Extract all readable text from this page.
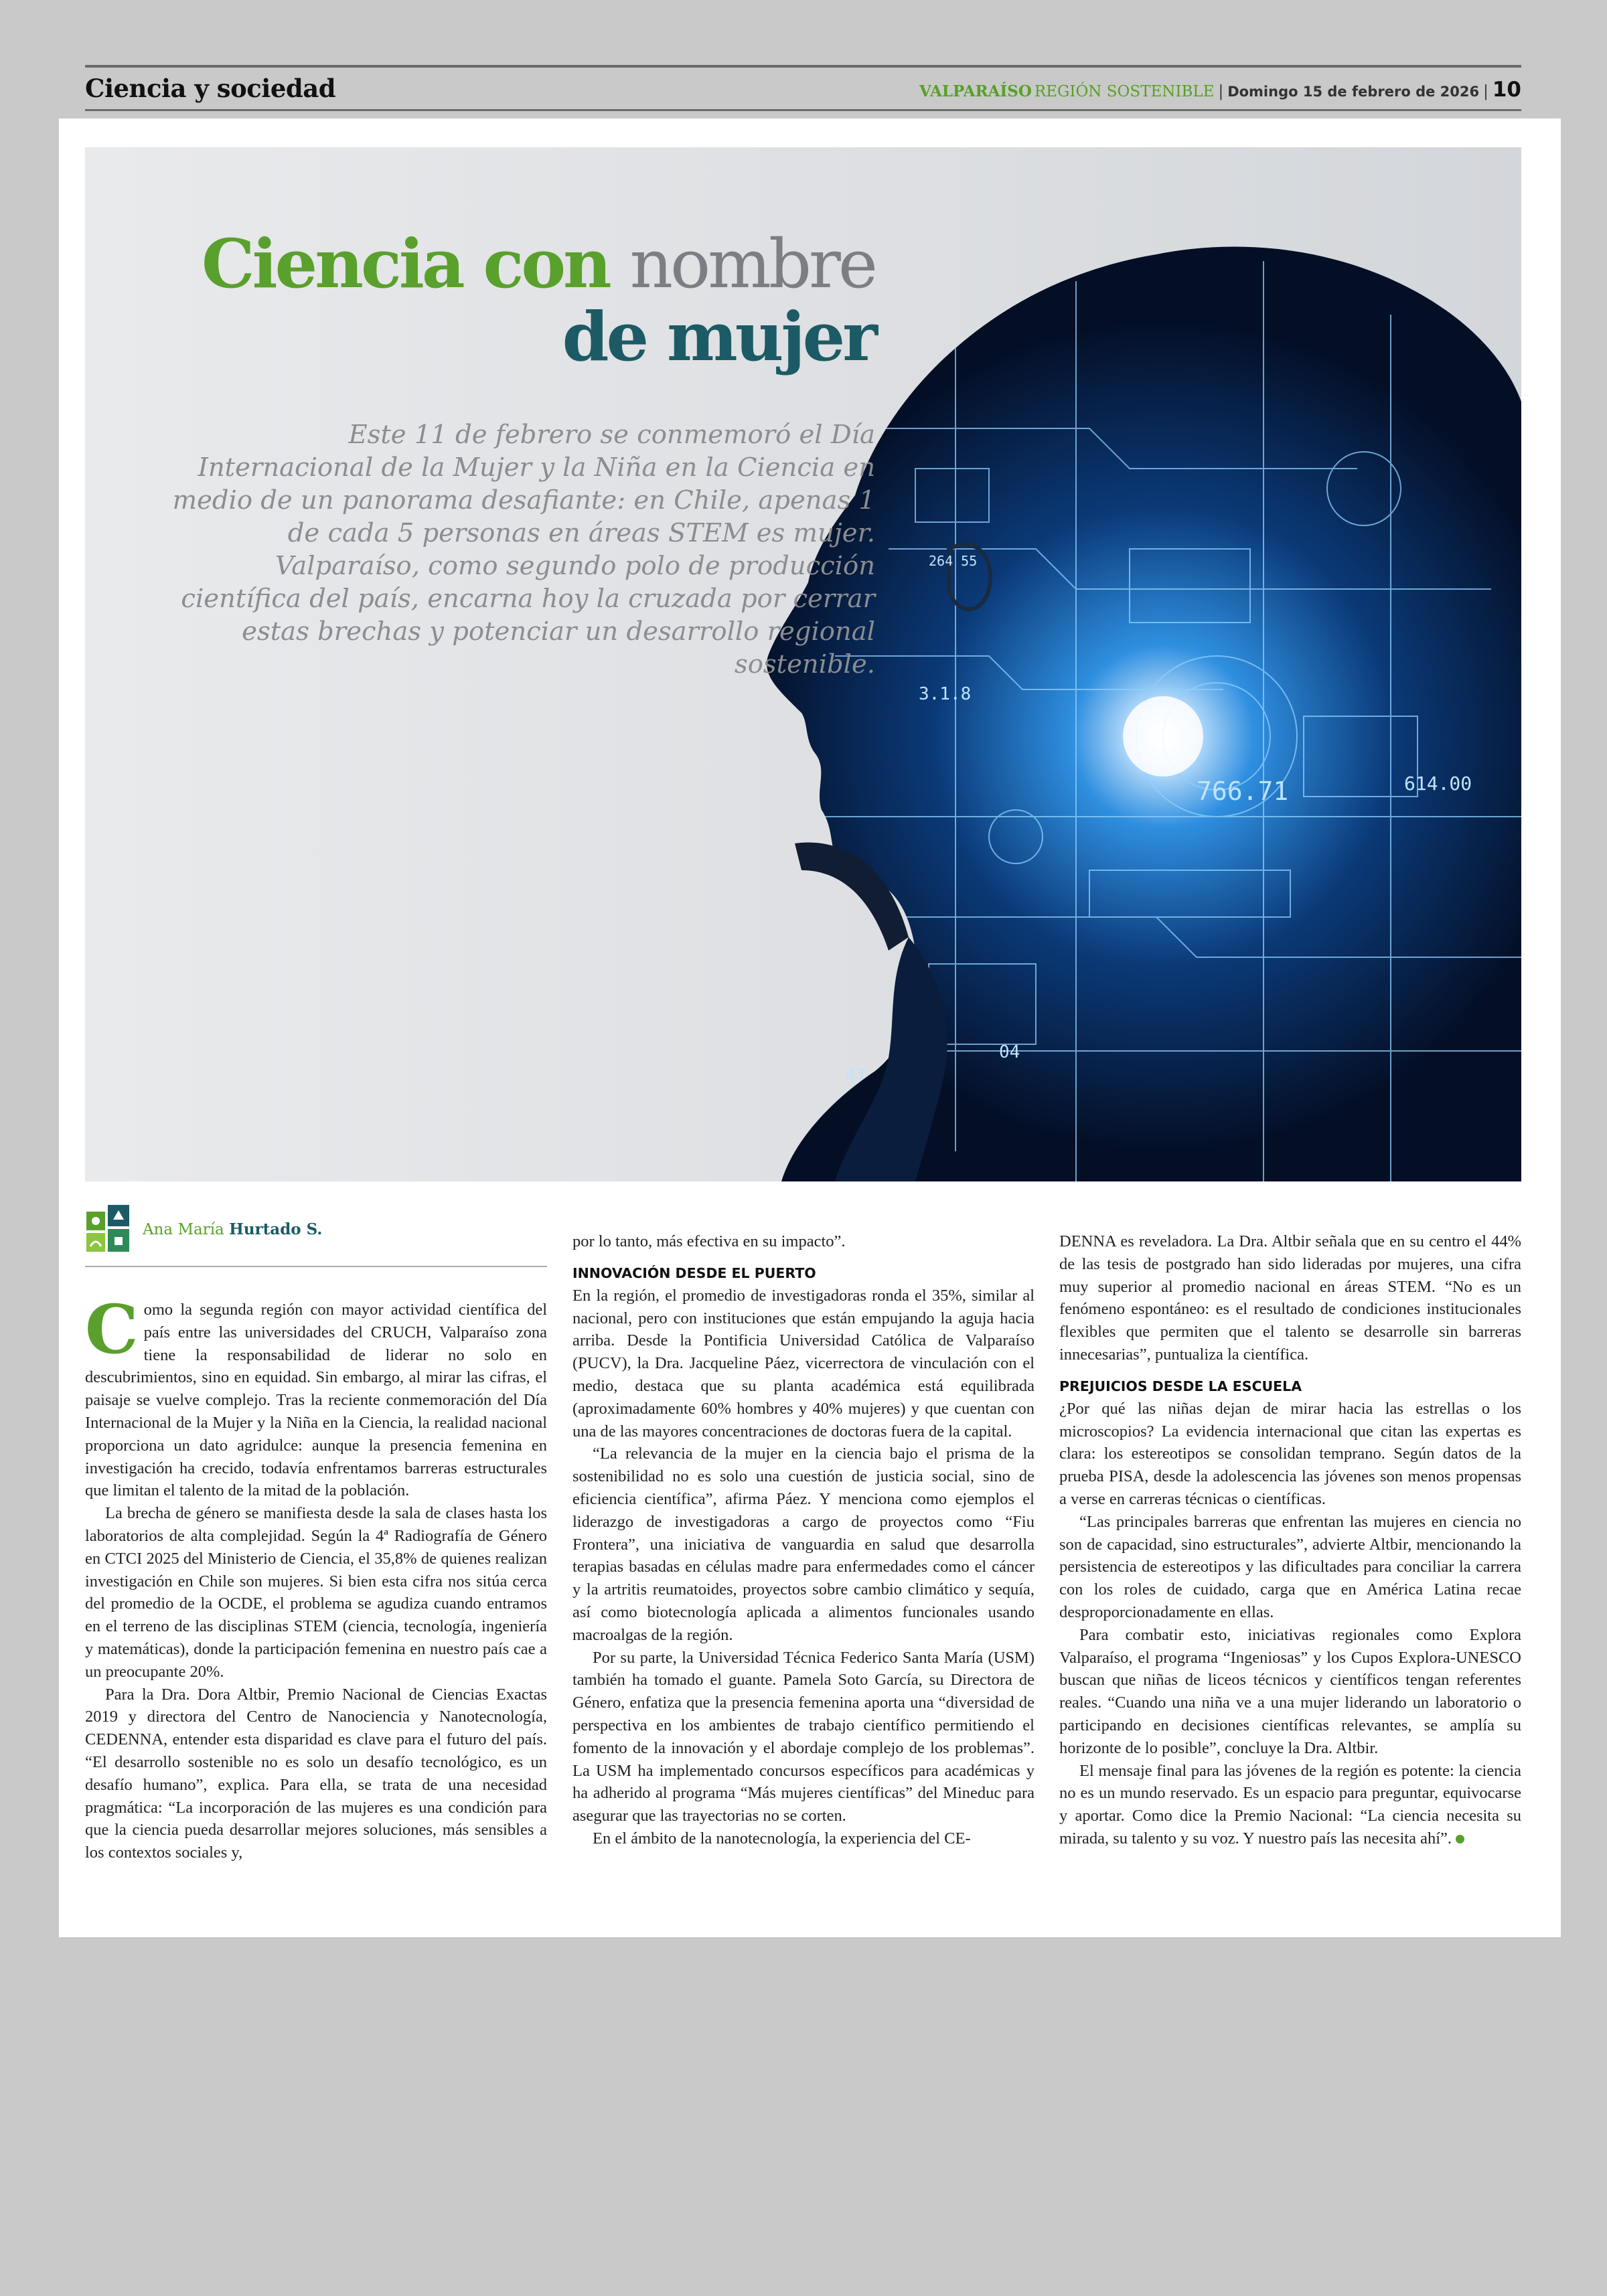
Ciencia y sociedad	VALPARAÍSO REGIÓN SOSTENIBLE | Domingo 15 de febrero de 2026 | 10
766.71	614.00
264 55
3.1.8
47
04
Ciencia con nombre
de mujer
Este 11 de febrero se conmemoró el Día Internacional de la Mujer y la Niña en la Ciencia en medio de un panorama desafiante: en Chile, apenas 1 de cada 5 personas en áreas STEM es mujer. Valparaíso, como segundo polo de producción científica del país, encarna hoy la cruzada por cerrar estas brechas y potenciar un desarrollo regional sostenible.
Ana María Hurtado S.

Como la segunda región con mayor actividad científica del país entre las universidades del CRUCH, Valparaíso zona tiene la responsabilidad de liderar no solo en descubrimientos, sino en equidad. Sin embargo, al mirar las cifras, el paisaje se vuelve complejo. Tras la reciente conmemoración del Día Internacional de la Mujer y la Niña en la Ciencia, la realidad nacional proporciona un dato agridulce: aunque la presencia femenina en investigación ha crecido, todavía enfrentamos barreras estructurales que limitan el talento de la mitad de la población.

La brecha de género se manifiesta desde la sala de clases hasta los laboratorios de alta complejidad. Según la 4ª Radiografía de Género en CTCI 2025 del Ministerio de Ciencia, el 35,8% de quienes realizan investigación en Chile son mujeres. Si bien esta cifra nos sitúa cerca del promedio de la OCDE, el problema se agudiza cuando entramos en el terreno de las disciplinas STEM (ciencia, tecnología, ingeniería y matemáticas), donde la participación femenina en nuestro país cae a un preocupante 20%.

Para la Dra. Dora Altbir, Premio Nacional de Ciencias Exactas 2019 y directora del Centro de Nanociencia y Nanotecnología, CEDENNA, entender esta disparidad es clave para el futuro del país. “El desarrollo sostenible no es solo un desafío tecnológico, es un desafío humano”, explica. Para ella, se trata de una necesidad pragmática: “La incorporación de las mujeres es una condición para que la ciencia pueda desarrollar mejores soluciones, más sensibles a los contextos sociales y,

por lo tanto, más efectiva en su impacto”.

INNOVACIÓN DESDE EL PUERTO

En la región, el promedio de investigadoras ronda el 35%, similar al nacional, pero con instituciones que están empujando la aguja hacia arriba. Desde la Pontificia Universidad Católica de Valparaíso (PUCV), la Dra. Jacqueline Páez, vicerrectora de vinculación con el medio, destaca que su planta académica está equilibrada (aproximadamente 60% hombres y 40% mujeres) y que cuentan con una de las mayores concentraciones de doctoras fuera de la capital.

“La relevancia de la mujer en la ciencia bajo el prisma de la sostenibilidad no es solo una cuestión de justicia social, sino de eficiencia científica”, afirma Páez. Y menciona como ejemplos el liderazgo de investigadoras a cargo de proyectos como “Fiu Frontera”, una iniciativa de vanguardia en salud que desarrolla terapias basadas en células madre para enfermedades como el cáncer y la artritis reumatoides, proyectos sobre cambio climático y sequía, así como biotecnología aplicada a alimentos funcionales usando macroalgas de la región.

Por su parte, la Universidad Técnica Federico Santa María (USM) también ha tomado el guante. Pamela Soto García, su Directora de Género, enfatiza que la presencia femenina aporta una “diversidad de perspectiva en los ambientes de trabajo científico permitiendo el fomento de la innovación y el abordaje complejo de los problemas”. La USM ha implementado concursos específicos para académicas y ha adherido al programa “Más mujeres científicas” del Mineduc para asegurar que las trayectorias no se corten.

En el ámbito de la nanotecnología, la experiencia del CE-

DENNA es reveladora. La Dra. Altbir señala que en su centro el 44% de las tesis de postgrado han sido lideradas por mujeres, una cifra muy superior al promedio nacional en áreas STEM. “No es un fenómeno espontáneo: es el resultado de condiciones institucionales flexibles que permiten que el talento se desarrolle sin barreras innecesarias”, puntualiza la científica.

PREJUICIOS DESDE LA ESCUELA

¿Por qué las niñas dejan de mirar hacia las estrellas o los microscopios? La evidencia internacional que citan las expertas es clara: los estereotipos se consolidan temprano. Según datos de la prueba PISA, desde la adolescencia las jóvenes son menos propensas a verse en carreras técnicas o científicas.

“Las principales barreras que enfrentan las mujeres en ciencia no son de capacidad, sino estructurales”, advierte Altbir, mencionando la persistencia de estereotipos y las dificultades para conciliar la carrera con los roles de cuidado, carga que en América Latina recae desproporcionadamente en ellas.

Para combatir esto, iniciativas regionales como Explora Valparaíso, el programa “Ingeniosas” y los Cupos Explora-UNESCO buscan que niñas de liceos técnicos y científicos tengan referentes reales. “Cuando una niña ve a una mujer liderando un laboratorio o participando en decisiones científicas relevantes, se amplía su horizonte de lo posible”, concluye la Dra. Altbir.

El mensaje final para las jóvenes de la región es potente: la ciencia no es un mundo reservado. Es un espacio para preguntar, equivocarse y aportar. Como dice la Premio Nacional: “La ciencia necesita su mirada, su talento y su voz. Y nuestro país las necesita ahí”.
